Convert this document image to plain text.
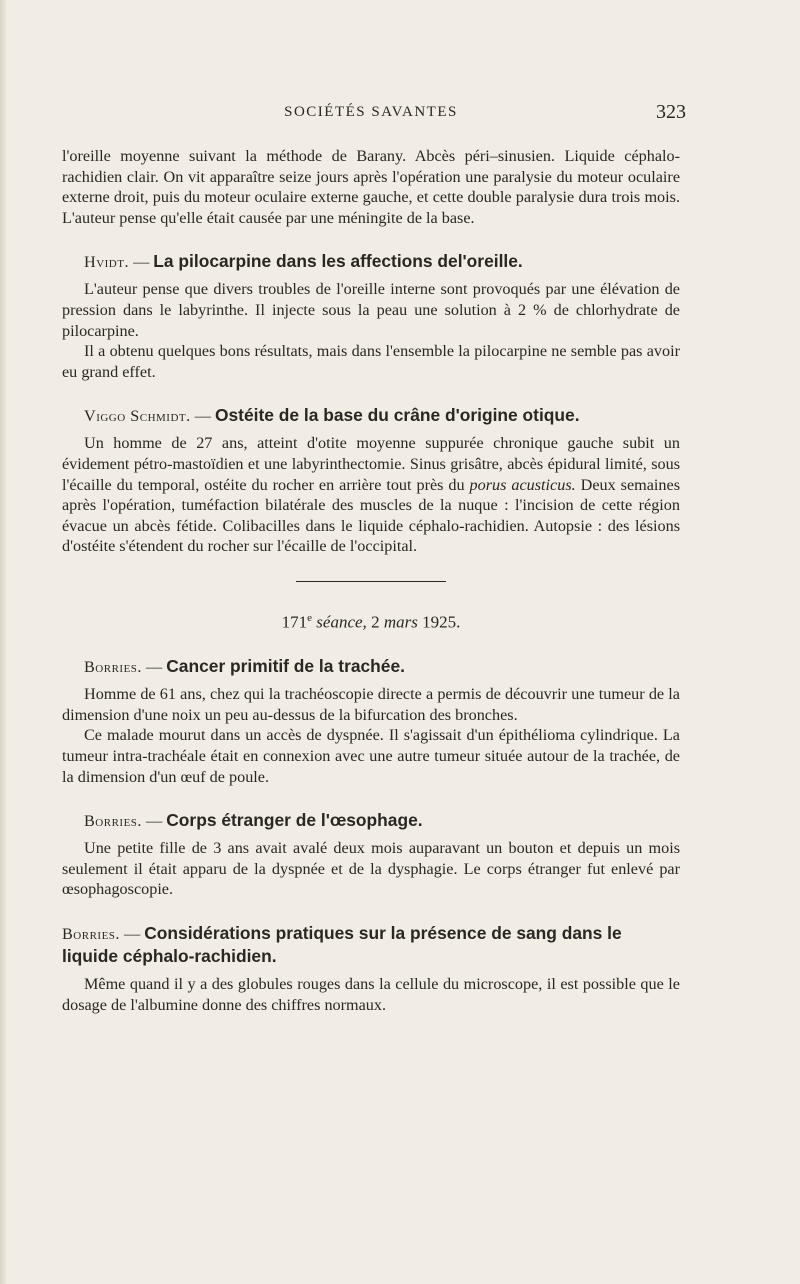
SOCIÉTÉS SAVANTES	323

l'oreille moyenne suivant la méthode de Barany. Abcès péri–sinusien. Liquide céphalo-rachidien clair. On vit apparaître seize jours après l'opération une paralysie du moteur oculaire externe droit, puis du moteur oculaire externe gauche, et cette double paralysie dura trois mois. L'auteur pense qu'elle était causée par une méningite de la base.

Hvidt. — La pilocarpine dans les affections del'oreille.

L'auteur pense que divers troubles de l'oreille interne sont provoqués par une élévation de pression dans le labyrinthe. Il injecte sous la peau une solution à 2 % de chlorhydrate de pilocarpine.

Il a obtenu quelques bons résultats, mais dans l'ensemble la pilocarpine ne semble pas avoir eu grand effet.

Viggo Schmidt. — Ostéite de la base du crâne d'origine otique.

Un homme de 27 ans, atteint d'otite moyenne suppurée chronique gauche subit un évidement pétro-mastoïdien et une labyrinthectomie. Sinus grisâtre, abcès épidural limité, sous l'écaille du temporal, ostéite du rocher en arrière tout près du porus acusticus. Deux semaines après l'opération, tuméfaction bilatérale des muscles de la nuque : l'incision de cette région évacue un abcès fétide. Colibacilles dans le liquide céphalo-rachidien. Autopsie : des lésions d'ostéite s'étendent du rocher sur l'écaille de l'occipital.

171e séance, 2 mars 1925.
Borries. — Cancer primitif de la trachée.

Homme de 61 ans, chez qui la trachéoscopie directe a permis de découvrir une tumeur de la dimension d'une noix un peu au-dessus de la bifurcation des bronches.

Ce malade mourut dans un accès de dyspnée. Il s'agissait d'un épithélioma cylindrique. La tumeur intra-trachéale était en connexion avec une autre tumeur située autour de la trachée, de la dimension d'un œuf de poule.

Borries. — Corps étranger de l'œsophage.

Une petite fille de 3 ans avait avalé deux mois auparavant un bouton et depuis un mois seulement il était apparu de la dyspnée et de la dysphagie. Le corps étranger fut enlevé par œsophagoscopie.

Borries. — Considérations pratiques sur la présence de sang dans le liquide céphalo-rachidien.

Même quand il y a des globules rouges dans la cellule du microscope, il est possible que le dosage de l'albumine donne des chiffres normaux.
